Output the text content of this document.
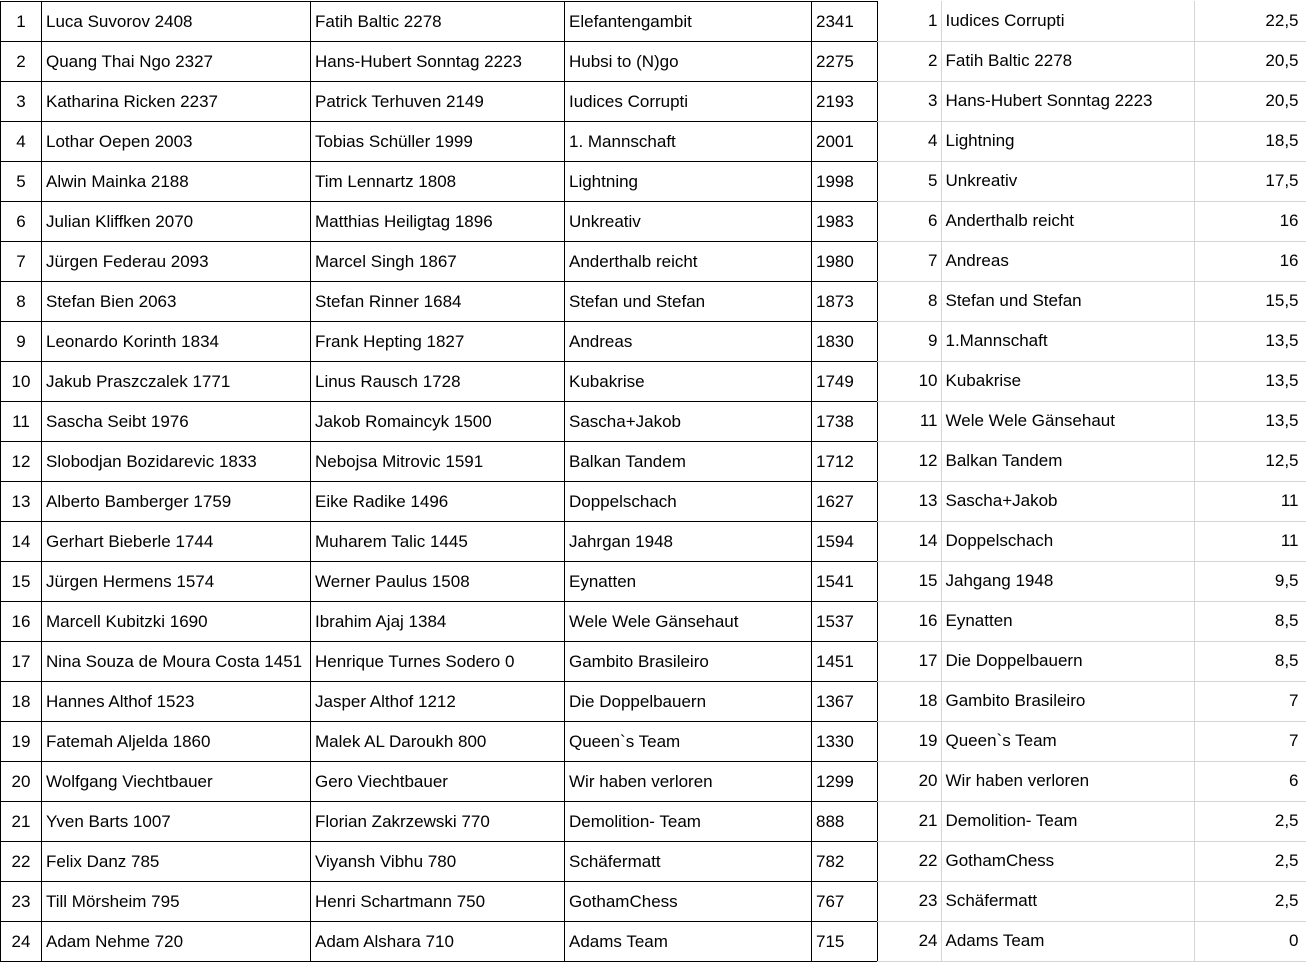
1	Luca Suvorov 2408	Fatih Baltic 2278	Elefantengambit	2341
2	Quang Thai Ngo 2327	Hans-Hubert Sonntag 2223	Hubsi to (N)go	2275
3	Katharina Ricken 2237	Patrick Terhuven 2149	Iudices Corrupti	2193
4	Lothar Oepen 2003	Tobias Schüller 1999	1. Mannschaft	2001
5	Alwin Mainka 2188	Tim Lennartz 1808	Lightning	1998
6	Julian Kliffken 2070	Matthias Heiligtag 1896	Unkreativ	1983
7	Jürgen Federau 2093	Marcel Singh 1867	Anderthalb reicht	1980
8	Stefan Bien 2063	Stefan Rinner 1684	Stefan und Stefan	1873
9	Leonardo Korinth 1834	Frank Hepting 1827	Andreas	1830
10	Jakub Praszczalek 1771	Linus Rausch 1728	Kubakrise	1749
11	Sascha Seibt 1976	Jakob Romaincyk 1500	Sascha+Jakob	1738
12	Slobodjan Bozidarevic 1833	Nebojsa Mitrovic 1591	Balkan Tandem	1712
13	Alberto Bamberger 1759	Eike Radike 1496	Doppelschach	1627
14	Gerhart Bieberle 1744	Muharem Talic 1445	Jahrgan 1948	1594
15	Jürgen Hermens 1574	Werner Paulus 1508	Eynatten	1541
16	Marcell Kubitzki 1690	Ibrahim Ajaj 1384	Wele Wele Gänsehaut	1537
17	Nina Souza de Moura Costa 1451	Henrique Turnes Sodero 0	Gambito Brasileiro	1451
18	Hannes Althof 1523	Jasper Althof 1212	Die Doppelbauern	1367
19	Fatemah Aljelda 1860	Malek AL Daroukh 800	Queen`s Team	1330
20	Wolfgang Viechtbauer	Gero Viechtbauer	Wir haben verloren	1299
21	Yven Barts 1007	Florian Zakrzewski 770	Demolition- Team	888
22	Felix Danz 785	Viyansh Vibhu 780	Schäfermatt	782
23	Till Mörsheim 795	Henri Schartmann 750	GothamChess	767
24	Adam Nehme 720	Adam Alshara 710	Adams Team	715
1	Iudices Corrupti	22,5
2	Fatih Baltic 2278	20,5
3	Hans-Hubert Sonntag 2223	20,5
4	Lightning	18,5
5	Unkreativ	17,5
6	Anderthalb reicht	16
7	Andreas	16
8	Stefan und Stefan	15,5
9	1.Mannschaft	13,5
10	Kubakrise	13,5
11	Wele Wele Gänsehaut	13,5
12	Balkan Tandem	12,5
13	Sascha+Jakob	11
14	Doppelschach	11
15	Jahgang 1948	9,5
16	Eynatten	8,5
17	Die Doppelbauern	8,5
18	Gambito Brasileiro	7
19	Queen`s Team	7
20	Wir haben verloren	6
21	Demolition- Team	2,5
22	GothamChess	2,5
23	Schäfermatt	2,5
24	Adams Team	0
